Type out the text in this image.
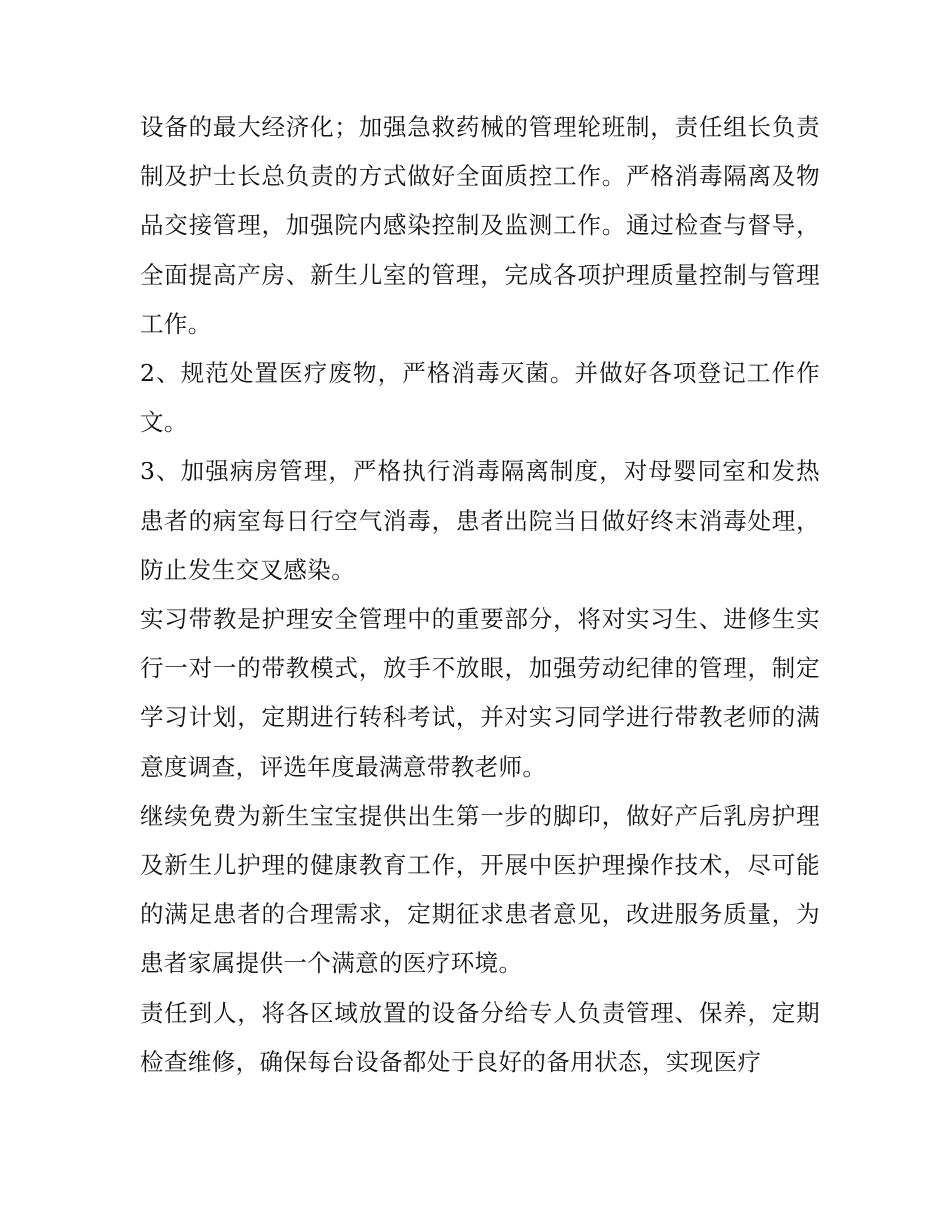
设备的最大经济化；加强急救药械的管理轮班制，责任组长负责制及护士长总负责的方式做好全面质控工作。严格消毒隔离及物品交接管理，加强院内感染控制及监测工作。通过检查与督导，全面提高产房、新生儿室的管理，完成各项护理质量控制与管理工作。

2、规范处置医疗废物，严格消毒灭菌。并做好各项登记工作作文。

3、加强病房管理，严格执行消毒隔离制度，对母婴同室和发热患者的病室每日行空气消毒，患者出院当日做好终末消毒处理，防止发生交叉感染。

实习带教是护理安全管理中的重要部分，将对实习生、进修生实行一对一的带教模式，放手不放眼，加强劳动纪律的管理，制定学习计划，定期进行转科考试，并对实习同学进行带教老师的满意度调查，评选年度最满意带教老师。

继续免费为新生宝宝提供出生第一步的脚印，做好产后乳房护理及新生儿护理的健康教育工作，开展中医护理操作技术，尽可能的满足患者的合理需求，定期征求患者意见，改进服务质量，为患者家属提供一个满意的医疗环境。

责任到人，将各区域放置的设备分给专人负责管理、保养，定期检查维修，确保每台设备都处于良好的备用状态，实现医疗
